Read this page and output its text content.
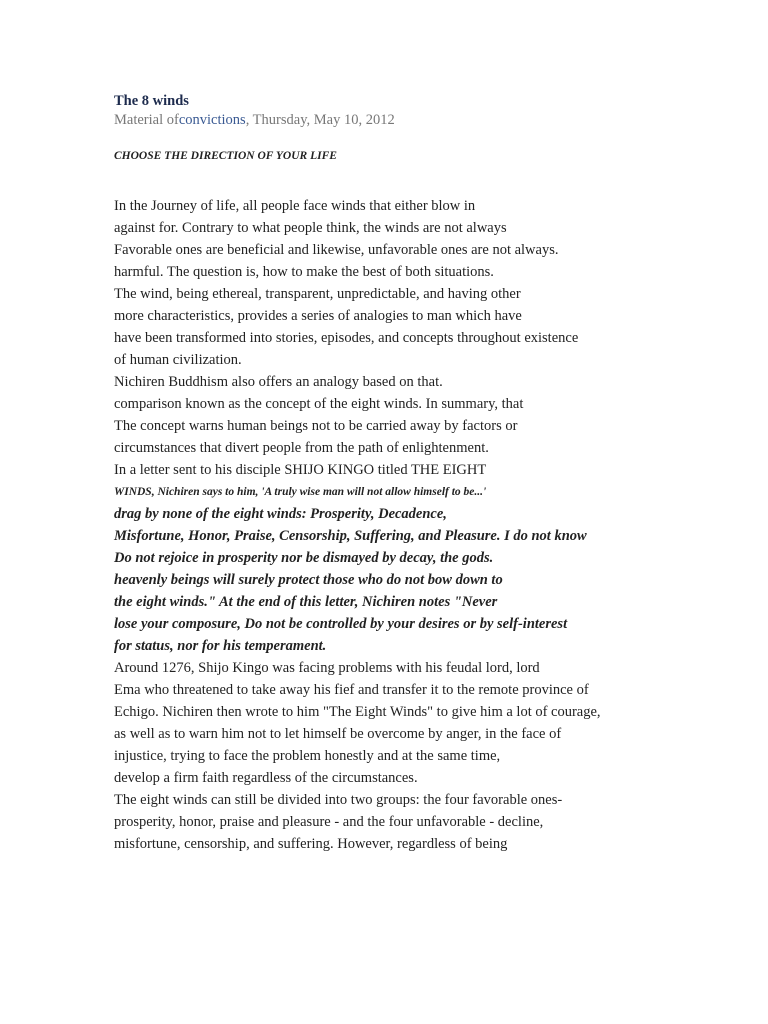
The 8 winds

Material ofconvictions, Thursday, May 10, 2012

CHOOSE THE DIRECTION OF YOUR LIFE

In the Journey of life, all people face winds that either blow in
against for. Contrary to what people think, the winds are not always
Favorable ones are beneficial and likewise, unfavorable ones are not always.
harmful. The question is, how to make the best of both situations.
The wind, being ethereal, transparent, unpredictable, and having other
more characteristics, provides a series of analogies to man which have
have been transformed into stories, episodes, and concepts throughout existence
of human civilization.
Nichiren Buddhism also offers an analogy based on that.
comparison known as the concept of the eight winds. In summary, that
The concept warns human beings not to be carried away by factors or
circumstances that divert people from the path of enlightenment.
In a letter sent to his disciple SHIJO KINGO titled THE EIGHT
WINDS, Nichiren says to him, 'A truly wise man will not allow himself to be...'
drag by none of the eight winds: Prosperity, Decadence,
Misfortune, Honor, Praise, Censorship, Suffering, and Pleasure. I do not know
Do not rejoice in prosperity nor be dismayed by decay, the gods.
heavenly beings will surely protect those who do not bow down to
the eight winds." At the end of this letter, Nichiren notes "Never
lose your composure, Do not be controlled by your desires or by self-interest
for status, nor for his temperament.
Around 1276, Shijo Kingo was facing problems with his feudal lord, lord
Ema who threatened to take away his fief and transfer it to the remote province of
Echigo. Nichiren then wrote to him "The Eight Winds" to give him a lot of courage,
as well as to warn him not to let himself be overcome by anger, in the face of
injustice, trying to face the problem honestly and at the same time,
develop a firm faith regardless of the circumstances.
The eight winds can still be divided into two groups: the four favorable ones-
prosperity, honor, praise and pleasure - and the four unfavorable - decline,
misfortune, censorship, and suffering. However, regardless of being
